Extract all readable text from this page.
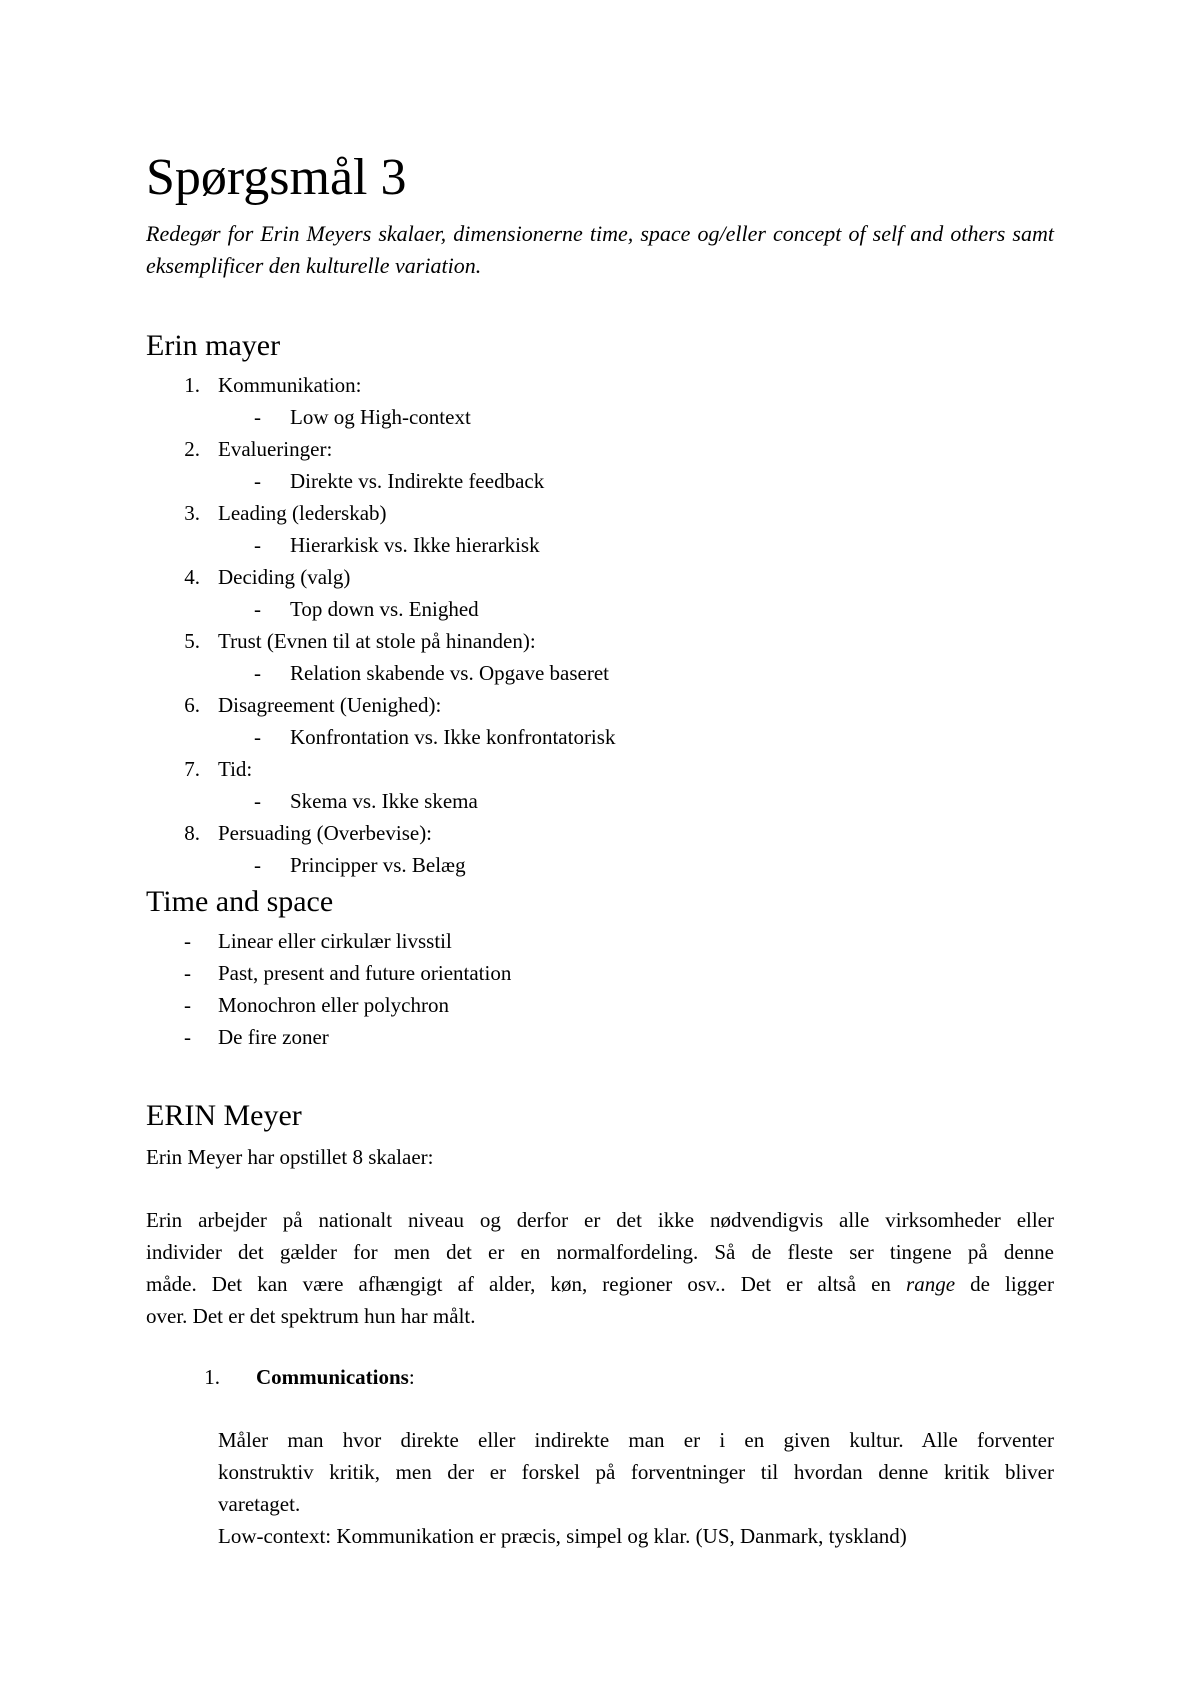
Spørgsmål 3

Redegør for Erin Meyers skalaer, dimensionerne time, space og/eller concept of self and others samt eksemplificer den kulturelle variation.

Erin mayer
1. Kommunikation:
- Low og High-context
2. Evalueringer:
- Direkte vs. Indirekte feedback
3. Leading (lederskab)
- Hierarkisk vs. Ikke hierarkisk
4. Deciding (valg)
- Top down vs. Enighed
5. Trust (Evnen til at stole på hinanden):
- Relation skabende vs. Opgave baseret
6. Disagreement (Uenighed):
- Konfrontation vs. Ikke konfrontatorisk
7. Tid:
- Skema vs. Ikke skema
8. Persuading (Overbevise):
- Principper vs. Belæg
Time and space
- Linear eller cirkulær livsstil
- Past, present and future orientation
- Monochron eller polychron
- De fire zoner
ERIN Meyer
Erin Meyer har opstillet 8 skalaer:
Erin arbejder på nationalt niveau og derfor er det ikke nødvendigvis alle virksomheder eller
individer det gælder for men det er en normalfordeling. Så de fleste ser tingene på denne
måde. Det kan være afhængigt af alder, køn, regioner osv.. Det er altså en range de ligger
over. Det er det spektrum hun har målt.
1. Communications:
Måler man hvor direkte eller indirekte man er i en given kultur. Alle forventer
konstruktiv kritik, men der er forskel på forventninger til hvordan denne kritik bliver
varetaget.
Low-context: Kommunikation er præcis, simpel og klar. (US, Danmark, tyskland)
